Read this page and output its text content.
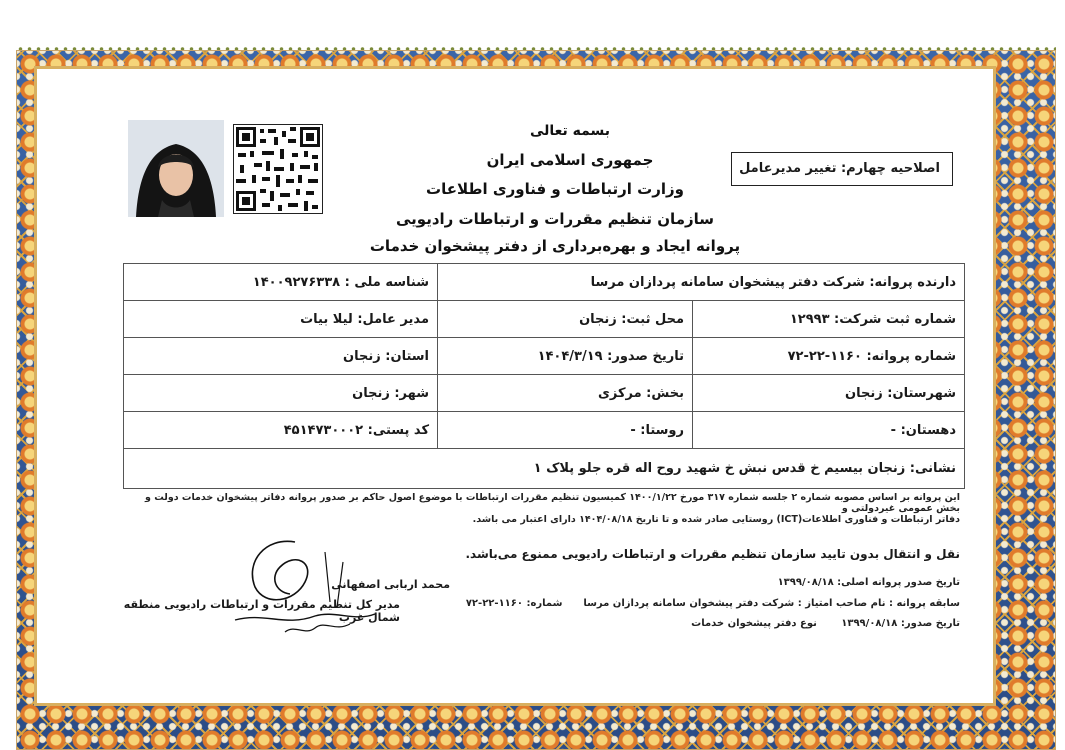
بسمه تعالی
جمهوری اسلامی ایران
وزارت ارتباطات و فناوری اطلاعات
سازمان تنظیم مقررات و ارتباطات رادیویی
پروانه ایجاد و بهره‌برداری از دفتر پیشخوان خدمات
اصلاحیه چهارم: تغییر مدیرعامل
دارنده پروانه: شرکت دفتر پیشخوان سامانه پردازان مرسا		شناسه ملی : ۱۴۰۰۹۲۷۶۳۳۸
شماره ثبت شرکت: ۱۲۹۹۳	محل ثبت: زنجان	مدیر عامل: لیلا بیات
شماره پروانه: ۱۱۶۰-۲۲-۷۲	تاریخ صدور: ۱۴۰۴/۳/۱۹	استان: زنجان
شهرستان: زنجان	بخش: مرکزی	شهر: زنجان
دهستان: -	روستا: -	کد پستی: ۴۵۱۴۷۳۰۰۰۲
نشانی: زنجان بیسیم خ قدس نبش خ شهید روح اله قره جلو پلاک ۱		
این پروانه بر اساس مصوبه شماره ۲ جلسه شماره ۳۱۷ مورخ ۱۴۰۰/۱/۲۲ کمیسیون تنظیم مقررات ارتباطات با موضوع اصول حاکم بر صدور پروانه دفاتر پیشخوان خدمات دولت و بخش عمومی غیردولتی و
دفاتر ارتباطات و فناوری اطلاعات(ICT) روستایی صادر شده و تا تاریخ ۱۴۰۴/۰۸/۱۸ دارای اعتبار می باشد.
نقل و انتقال بدون تایید سازمان تنظیم مقررات و ارتباطات رادیویی ممنوع می‌باشد.
تاریخ صدور پروانه اصلی: ۱۳۹۹/۰۸/۱۸
سابقه پروانه : نام صاحب امتیاز : شرکت دفتر پیشخوان سامانه پردازان مرسا      شماره: ۱۱۶۰-۲۲-۷۲
تاریخ صدور: ۱۳۹۹/۰۸/۱۸       نوع دفتر پیشخوان خدمات
محمد اربابی اصفهانی
مدیر کل تنظیم مقررات و ارتباطات رادیویی منطقه شمال غرب
